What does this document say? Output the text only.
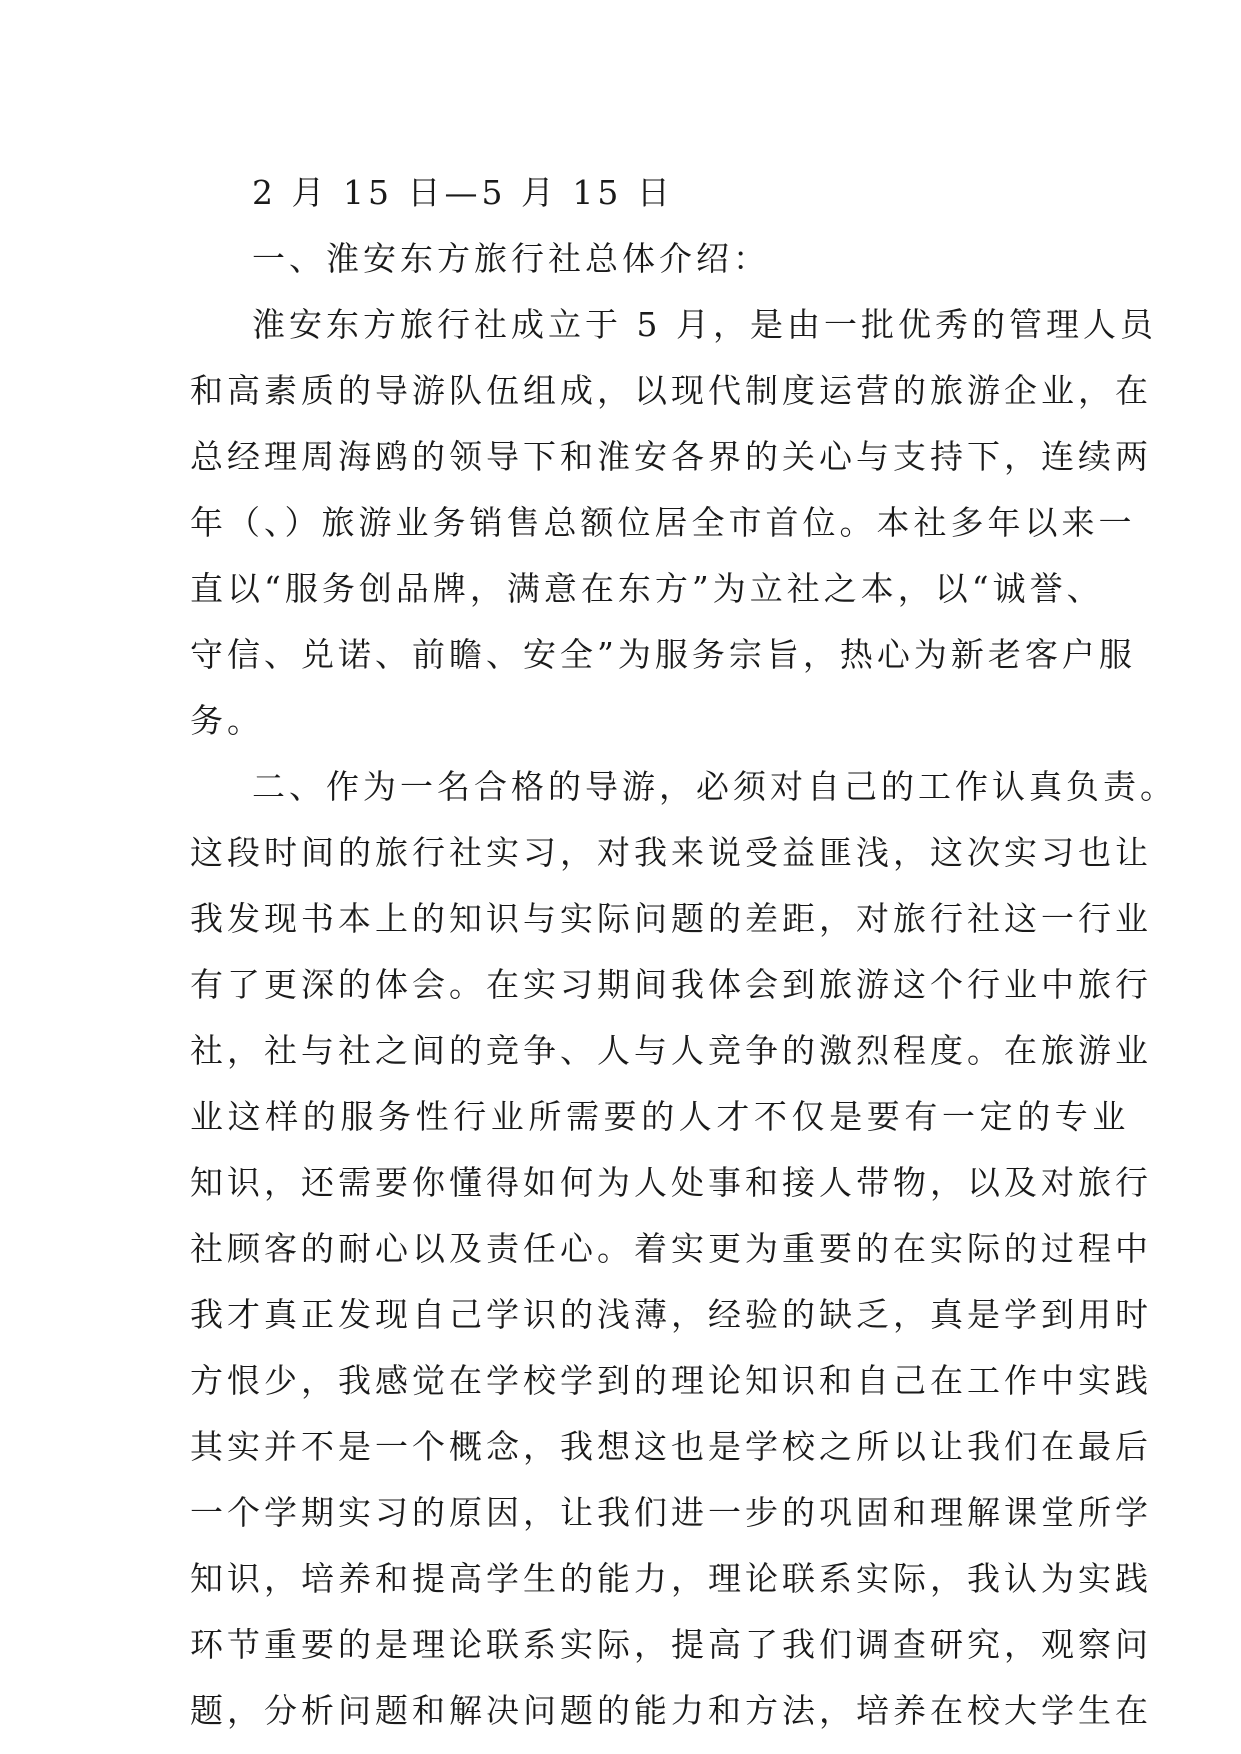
2 月 15 日—5 月 15 日
一、淮安东方旅行社总体介绍：
淮安东方旅行社成立于 5 月，是由一批优秀的管理人员
和高素质的导游队伍组成，以现代制度运营的旅游企业，在
总经理周海鸥的领导下和淮安各界的关心与支持下，连续两
年（、）旅游业务销售总额位居全市首位。本社多年以来一
直以“服务创品牌，满意在东方”为立社之本，以“诚誉、
守信、兑诺、前瞻、安全”为服务宗旨，热心为新老客户服
务。
二、作为一名合格的导游，必须对自己的工作认真负责。
这段时间的旅行社实习，对我来说受益匪浅，这次实习也让
我发现书本上的知识与实际问题的差距，对旅行社这一行业
有了更深的体会。在实习期间我体会到旅游这个行业中旅行
社，社与社之间的竞争、人与人竞争的激烈程度。在旅游业
业这样的服务性行业所需要的人才不仅是要有一定的专业
知识，还需要你懂得如何为人处事和接人带物，以及对旅行
社顾客的耐心以及责任心。着实更为重要的在实际的过程中
我才真正发现自己学识的浅薄，经验的缺乏，真是学到用时
方恨少，我感觉在学校学到的理论知识和自己在工作中实践
其实并不是一个概念，我想这也是学校之所以让我们在最后
一个学期实习的原因，让我们进一步的巩固和理解课堂所学
知识，培养和提高学生的能力，理论联系实际，我认为实践
环节重要的是理论联系实际，提高了我们调查研究，观察问
题，分析问题和解决问题的能力和方法，培养在校大学生在
